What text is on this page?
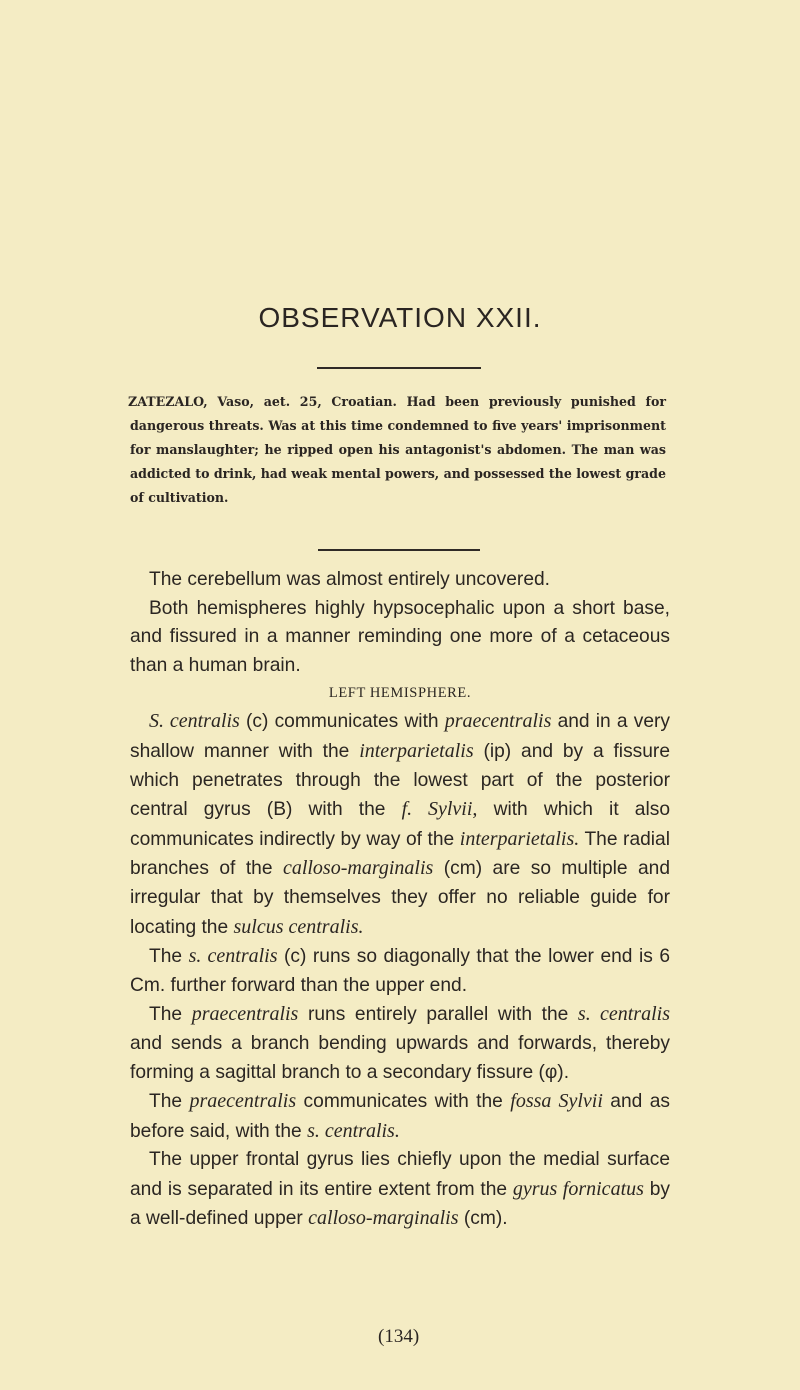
OBSERVATION XXII.

ZATEZALO, Vaso, aet. 25, Croatian. Had been previously punished for dangerous threats. Was at this time condemned to five years' imprisonment for manslaughter; he ripped open his antagonist's abdomen. The man was addicted to drink, had weak mental powers, and possessed the lowest grade of cultivation.

The cerebellum was almost entirely uncovered.

Both hemispheres highly hypsocephalic upon a short base, and fissured in a manner reminding one more of a cetaceous than a human brain.

LEFT HEMISPHERE.

S. centralis (c) communicates with praecentralis and in a very shallow manner with the interparietalis (ip) and by a fissure which penetrates through the lowest part of the posterior central gyrus (B) with the f. Sylvii, with which it also communicates indirectly by way of the interparietalis. The radial branches of the calloso-marginalis (cm) are so multiple and irregular that by themselves they offer no reliable guide for locating the sulcus centralis.

The s. centralis (c) runs so diagonally that the lower end is 6 Cm. further forward than the upper end.

The praecentralis runs entirely parallel with the s. centralis and sends a branch bending upwards and forwards, thereby forming a sagittal branch to a secondary fissure (φ).

The praecentralis communicates with the fossa Sylvii and as before said, with the s. centralis.

The upper frontal gyrus lies chiefly upon the medial surface and is separated in its entire extent from the gyrus fornicatus by a well-defined upper calloso-marginalis (cm).

(134)
